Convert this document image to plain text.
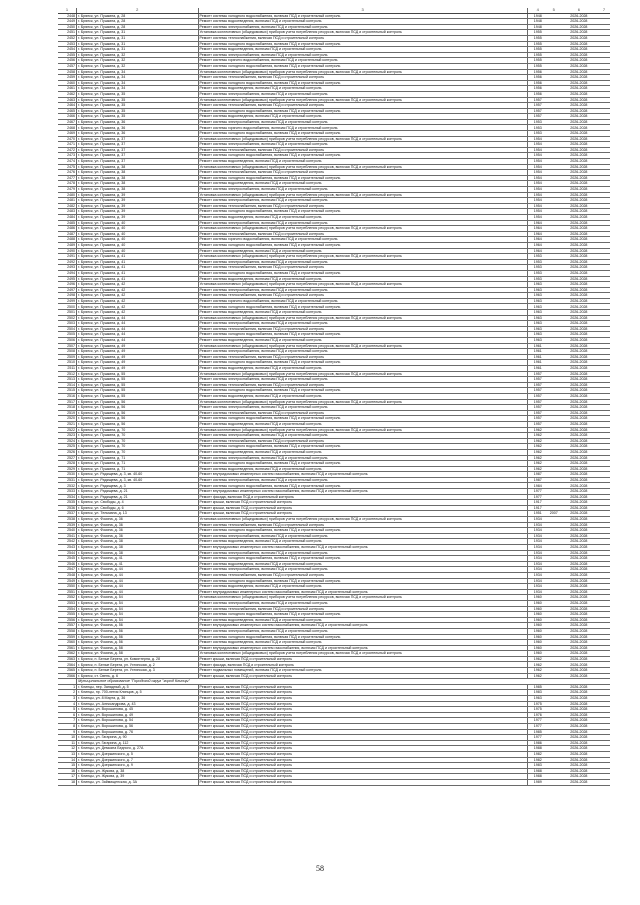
1	2	3	4	5	6	7
2448	г. Брянск, ул. Пушкина, д. 28	Ремонт системы холодного водоснабжения, включая ПСД и строительный контроль	1948		2026-2028	
2449	г. Брянск, ул. Пушкина, д. 28	Ремонт системы водоотведения, включая ПСД и строительный контроль	1948		2026-2028	
2450	г. Брянск, ул. Пушкина, д. 28	Ремонт системы электроснабжения, включая ПСД и строительный контроль	1948		2026-2028	
2451	г. Брянск, ул. Пушкина, д. 31	Установка коллективных (общедомовых) приборов учета потребления ресурсов, включая ПСД и строительный контроль	1955		2026-2028	
2452	г. Брянск, ул. Пушкина, д. 31	Ремонт системы теплоснабжения, включая ПСД и строительный контроль	1955		2026-2028	
2453	г. Брянск, ул. Пушкина, д. 31	Ремонт системы холодного водоснабжения, включая ПСД и строительный контроль	1955		2026-2028	
2454	г. Брянск, ул. Пушкина, д. 31	Ремонт системы водоотведения, включая ПСД и строительный контроль	1955		2026-2028	
2455	г. Брянск, ул. Пушкина, д. 32	Ремонт системы электроснабжения, включая ПСД и строительный контроль	1955		2026-2028	
2456	г. Брянск, ул. Пушкина, д. 32	Ремонт системы горячего водоснабжения, включая ПСД и строительный контроль	1955		2026-2028	
2457	г. Брянск, ул. Пушкина, д. 32	Ремонт системы холодного водоснабжения, включая ПСД и строительный контроль	1955		2026-2028	
2458	г. Брянск, ул. Пушкина, д. 34	Установка коллективных (общедомовых) приборов учета потребления ресурсов, включая ПСД и строительный контроль	1956		2026-2028	
2459	г. Брянск, ул. Пушкина, д. 34	Ремонт системы теплоснабжения, включая ПСД и строительный контроль	1956		2026-2028	
2460	г. Брянск, ул. Пушкина, д. 34	Ремонт системы холодного водоснабжения, включая ПСД и строительный контроль	1956		2026-2028	
2461	г. Брянск, ул. Пушкина, д. 34	Ремонт системы водоотведения, включая ПСД и строительный контроль	1956		2026-2028	
2462	г. Брянск, ул. Пушкина, д. 35	Ремонт системы электроснабжения, включая ПСД и строительный контроль	1956		2026-2028	
2463	г. Брянск, ул. Пушкина, д. 35	Установка коллективных (общедомовых) приборов учета потребления ресурсов, включая ПСД и строительный контроль	1957		2026-2028	
2464	г. Брянск, ул. Пушкина, д. 35	Ремонт системы теплоснабжения, включая ПСД и строительный контроль	1957		2026-2028	
2465	г. Брянск, ул. Пушкина, д. 35	Ремонт системы холодного водоснабжения, включая ПСД и строительный контроль	1957		2026-2028	
2466	г. Брянск, ул. Пушкина, д. 35	Ремонт системы водоотведения, включая ПСД и строительный контроль	1957		2026-2028	
2467	г. Брянск, ул. Пушкина, д. 36	Ремонт системы электроснабжения, включая ПСД и строительный контроль	1953		2026-2028	
2468	г. Брянск, ул. Пушкина, д. 36	Ремонт системы горячего водоснабжения, включая ПСД и строительный контроль	1953		2026-2028	
2469	г. Брянск, ул. Пушкина, д. 36	Ремонт системы холодного водоснабжения, включая ПСД и строительный контроль	1953		2026-2028	
2470	г. Брянск, ул. Пушкина, д. 37	Установка коллективных (общедомовых) приборов учета потребления ресурсов, включая ПСД и строительный контроль	1954		2026-2028	
2471	г. Брянск, ул. Пушкина, д. 37	Ремонт системы электроснабжения, включая ПСД и строительный контроль	1954		2026-2028	
2472	г. Брянск, ул. Пушкина, д. 37	Ремонт системы теплоснабжения, включая ПСД и строительный контроль	1954		2026-2028	
2473	г. Брянск, ул. Пушкина, д. 37	Ремонт системы холодного водоснабжения, включая ПСД и строительный контроль	1954		2026-2028	
2474	г. Брянск, ул. Пушкина, д. 37	Ремонт системы водоотведения, включая ПСД и строительный контроль	1954		2026-2028	
2475	г. Брянск, ул. Пушкина, д. 38	Установка коллективных (общедомовых) приборов учета потребления ресурсов, включая ПСД и строительный контроль	1954		2026-2028	
2476	г. Брянск, ул. Пушкина, д. 38	Ремонт системы теплоснабжения, включая ПСД и строительный контроль	1954		2026-2028	
2477	г. Брянск, ул. Пушкина, д. 38	Ремонт системы холодного водоснабжения, включая ПСД и строительный контроль	1954		2026-2028	
2478	г. Брянск, ул. Пушкина, д. 38	Ремонт системы водоотведения, включая ПСД и строительный контроль	1954		2026-2028	
2479	г. Брянск, ул. Пушкина, д. 38	Ремонт системы электроснабжения, включая ПСД и строительный контроль	1954		2026-2028	
2480	г. Брянск, ул. Пушкина, д. 39	Установка коллективных (общедомовых) приборов учета потребления ресурсов, включая ПСД и строительный контроль	1954		2026-2028	
2481	г. Брянск, ул. Пушкина, д. 39	Ремонт системы электроснабжения, включая ПСД и строительный контроль	1954		2026-2028	
2482	г. Брянск, ул. Пушкина, д. 39	Ремонт системы теплоснабжения, включая ПСД и строительный контроль	1954		2026-2028	
2483	г. Брянск, ул. Пушкина, д. 39	Ремонт системы холодного водоснабжения, включая ПСД и строительный контроль	1954		2026-2028	
2484	г. Брянск, ул. Пушкина, д. 39	Ремонт системы водоотведения, включая ПСД и строительный контроль	1954		2026-2028	
2485	г. Брянск, ул. Пушкина, д. 40	Ремонт системы электроснабжения, включая ПСД и строительный контроль	1964		2026-2028	
2486	г. Брянск, ул. Пушкина, д. 40	Установка коллективных (общедомовых) приборов учета потребления ресурсов, включая ПСД и строительный контроль	1964		2026-2028	
2487	г. Брянск, ул. Пушкина, д. 40	Ремонт системы теплоснабжения, включая ПСД и строительный контроль	1964		2026-2028	
2488	г. Брянск, ул. Пушкина, д. 40	Ремонт системы горячего водоснабжения, включая ПСД и строительный контроль	1964		2026-2028	
2489	г. Брянск, ул. Пушкина, д. 40	Ремонт системы холодного водоснабжения, включая ПСД и строительный контроль	1964		2026-2028	
2490	г. Брянск, ул. Пушкина, д. 40	Ремонт системы водоотведения, включая ПСД и строительный контроль	1964		2026-2028	
2491	г. Брянск, ул. Пушкина, д. 41	Установка коллективных (общедомовых) приборов учета потребления ресурсов, включая ПСД и строительный контроль	1953		2026-2028	
2492	г. Брянск, ул. Пушкина, д. 41	Ремонт системы электроснабжения, включая ПСД и строительный контроль	1953		2026-2028	
2493	г. Брянск, ул. Пушкина, д. 41	Ремонт системы теплоснабжения, включая ПСД и строительный контроль	1953		2026-2028	
2494	г. Брянск, ул. Пушкина, д. 41	Ремонт системы холодного водоснабжения, включая ПСД и строительный контроль	1953		2026-2028	
2495	г. Брянск, ул. Пушкина, д. 41	Ремонт системы водоотведения, включая ПСД и строительный контроль	1953		2026-2028	
2496	г. Брянск, ул. Пушкина, д. 42	Установка коллективных (общедомовых) приборов учета потребления ресурсов, включая ПСД и строительный контроль	1963		2026-2028	
2497	г. Брянск, ул. Пушкина, д. 42	Ремонт системы электроснабжения, включая ПСД и строительный контроль	1963		2026-2028	
2498	г. Брянск, ул. Пушкина, д. 42	Ремонт системы теплоснабжения, включая ПСД и строительный контроль	1963		2026-2028	
2499	г. Брянск, ул. Пушкина, д. 42	Ремонт системы горячего водоснабжения, включая ПСД и строительный контроль	1963		2026-2028	
2500	г. Брянск, ул. Пушкина, д. 42	Ремонт системы холодного водоснабжения, включая ПСД и строительный контроль	1963		2026-2028	
2501	г. Брянск, ул. Пушкина, д. 42	Ремонт системы водоотведения, включая ПСД и строительный контроль	1963		2026-2028	
2502	г. Брянск, ул. Пушкина, д. 44	Установка коллективных (общедомовых) приборов учета потребления ресурсов, включая ПСД и строительный контроль	1963		2026-2028	
2503	г. Брянск, ул. Пушкина, д. 44	Ремонт системы электроснабжения, включая ПСД и строительный контроль	1963		2026-2028	
2504	г. Брянск, ул. Пушкина, д. 44	Ремонт системы теплоснабжения, включая ПСД и строительный контроль	1963		2026-2028	
2505	г. Брянск, ул. Пушкина, д. 44	Ремонт системы холодного водоснабжения, включая ПСД и строительный контроль	1963		2026-2028	
2506	г. Брянск, ул. Пушкина, д. 44	Ремонт системы водоотведения, включая ПСД и строительный контроль	1963		2026-2028	
2507	г. Брянск, ул. Пушкина, д. 49	Установка коллективных (общедомовых) приборов учета потребления ресурсов, включая ПСД и строительный контроль	1961		2026-2028	
2508	г. Брянск, ул. Пушкина, д. 49	Ремонт системы электроснабжения, включая ПСД и строительный контроль	1961		2026-2028	
2509	г. Брянск, ул. Пушкина, д. 49	Ремонт системы теплоснабжения, включая ПСД и строительный контроль	1961		2026-2028	
2510	г. Брянск, ул. Пушкина, д. 49	Ремонт системы холодного водоснабжения, включая ПСД и строительный контроль	1961		2026-2028	
2511	г. Брянск, ул. Пушкина, д. 49	Ремонт системы водоотведения, включая ПСД и строительный контроль	1961		2026-2028	
2512	г. Брянск, ул. Пушкина, д. 55	Установка коллективных (общедомовых) приборов учета потребления ресурсов, включая ПСД и строительный контроль	1957		2026-2028	
2513	г. Брянск, ул. Пушкина, д. 55	Ремонт системы электроснабжения, включая ПСД и строительный контроль	1957		2026-2028	
2514	г. Брянск, ул. Пушкина, д. 55	Ремонт системы теплоснабжения, включая ПСД и строительный контроль	1957		2026-2028	
2515	г. Брянск, ул. Пушкина, д. 55	Ремонт системы холодного водоснабжения, включая ПСД и строительный контроль	1957		2026-2028	
2516	г. Брянск, ул. Пушкина, д. 55	Ремонт системы водоотведения, включая ПСД и строительный контроль	1957		2026-2028	
2517	г. Брянск, ул. Пушкина, д. 56	Установка коллективных (общедомовых) приборов учета потребления ресурсов, включая ПСД и строительный контроль	1957		2026-2028	
2518	г. Брянск, ул. Пушкина, д. 56	Ремонт системы электроснабжения, включая ПСД и строительный контроль	1957		2026-2028	
2519	г. Брянск, ул. Пушкина, д. 56	Ремонт системы теплоснабжения, включая ПСД и строительный контроль	1957		2026-2028	
2520	г. Брянск, ул. Пушкина, д. 56	Ремонт системы холодного водоснабжения, включая ПСД и строительный контроль	1957		2026-2028	
2521	г. Брянск, ул. Пушкина, д. 56	Ремонт системы водоотведения, включая ПСД и строительный контроль	1957		2026-2028	
2522	г. Брянск, ул. Пушкина, д. 70	Установка коллективных (общедомовых) приборов учета потребления ресурсов, включая ПСД и строительный контроль	1962		2026-2028	
2523	г. Брянск, ул. Пушкина, д. 70	Ремонт системы электроснабжения, включая ПСД и строительный контроль	1962		2026-2028	
2524	г. Брянск, ул. Пушкина, д. 70	Ремонт системы теплоснабжения, включая ПСД и строительный контроль	1962		2026-2028	
2525	г. Брянск, ул. Пушкина, д. 70	Ремонт системы холодного водоснабжения, включая ПСД и строительный контроль	1962		2026-2028	
2526	г. Брянск, ул. Пушкина, д. 70	Ремонт системы водоотведения, включая ПСД и строительный контроль	1962		2026-2028	
2527	г. Брянск, ул. Пушкина, д. 71	Ремонт системы электроснабжения, включая ПСД и строительный контроль	1962		2026-2028	
2528	г. Брянск, ул. Пушкина, д. 71	Ремонт системы холодного водоснабжения, включая ПСД и строительный контроль	1962		2026-2028	
2529	г. Брянск, ул. Пушкина, д. 71	Ремонт системы водоотведения, включая ПСД и строительный контроль	1962		2026-2028	
2530	г. Брянск, ул. Радищева, д. 3, кв. 40-60	Ремонт внутридомовых инженерных систем газоснабжения, включая ПСД и строительный контроль	1987		2026-2028	
2531	г. Брянск, ул. Радищева, д. 3, кв. 40-60	Ремонт системы электроснабжения, включая ПСД и строительный контроль	1987		2026-2028	
2532	г. Брянск, ул. Радищева, д. 3	Ремонт системы холодного водоснабжения, включая ПСД и строительный контроль	1984		2026-2028	
2533	г. Брянск, ул. Радищева, д. 21	Ремонт внутридомовых инженерных систем газоснабжения, включая ПСД и строительный контроль	1977		2026-2028	
2534	г. Брянск, ул. Радищева, д. 21	Ремонт фасада, включая ПСД и строительный контроль	1977		2026-2028	
2535	г. Брянск, ул. Свободы, д. 4	Ремонт крыши, включая ПСД и строительный контроль	1917		2026-2028	
2536	г. Брянск, ул. Свободы, д. 6	Ремонт крыши, включая ПСД и строительный контроль	1917		2026-2028	
2537	г. Брянск, ул. Тельмана, д. 13	Ремонт крыши, включая ПСД и строительный контроль	1951	2007	2026-2028	
2538	г. Брянск, ул. Фокина, д. 36	Установка коллективных (общедомовых) приборов учета потребления ресурсов, включая ПСД и строительный контроль	1934		2026-2028	
2539	г. Брянск, ул. Фокина, д. 36	Ремонт системы теплоснабжения, включая ПСД и строительный контроль	1934		2026-2028	
2540	г. Брянск, ул. Фокина, д. 36	Ремонт системы холодного водоснабжения, включая ПСД и строительный контроль	1934		2026-2028	
2541	г. Брянск, ул. Фокина, д. 36	Ремонт системы электроснабжения, включая ПСД и строительный контроль	1934		2026-2028	
2542	г. Брянск, ул. Фокина, д. 38	Ремонт системы водоотведения, включая ПСД и строительный контроль	1934		2026-2028	
2543	г. Брянск, ул. Фокина, д. 38	Ремонт внутридомовых инженерных систем газоснабжения, включая ПСД и строительный контроль	1934		2026-2028	
2544	г. Брянск, ул. Фокина, д. 38	Ремонт системы электроснабжения, включая ПСД и строительный контроль	1934		2026-2028	
2545	г. Брянск, ул. Фокина, д. 41	Ремонт системы холодного водоснабжения, включая ПСД и строительный контроль	1934		2026-2028	
2546	г. Брянск, ул. Фокина, д. 41	Ремонт системы водоотведения, включая ПСД и строительный контроль	1934		2026-2028	
2547	г. Брянск, ул. Фокина, д. 44	Ремонт системы электроснабжения, включая ПСД и строительный контроль	1934		2026-2028	
2548	г. Брянск, ул. Фокина, д. 44	Ремонт системы теплоснабжения, включая ПСД и строительный контроль	1934		2026-2028	
2549	г. Брянск, ул. Фокина, д. 44	Ремонт системы холодного водоснабжения, включая ПСД и строительный контроль	1934		2026-2028	
2550	г. Брянск, ул. Фокина, д. 44	Ремонт системы водоотведения, включая ПСД и строительный контроль	1934		2026-2028	
2551	г. Брянск, ул. Фокина, д. 44	Ремонт внутридомовых инженерных систем газоснабжения, включая ПСД и строительный контроль	1934		2026-2028	
2552	г. Брянск, ул. Фокина, д. 54	Установка коллективных (общедомовых) приборов учета потребления ресурсов, включая ПСД и строительный контроль	1960		2026-2028	
2553	г. Брянск, ул. Фокина, д. 54	Ремонт системы электроснабжения, включая ПСД и строительный контроль	1960		2026-2028	
2554	г. Брянск, ул. Фокина, д. 54	Ремонт системы теплоснабжения, включая ПСД и строительный контроль	1960		2026-2028	
2555	г. Брянск, ул. Фокина, д. 54	Ремонт системы холодного водоснабжения, включая ПСД и строительный контроль	1960		2026-2028	
2556	г. Брянск, ул. Фокина, д. 54	Ремонт системы водоотведения, включая ПСД и строительный контроль	1960		2026-2028	
2557	г. Брянск, ул. Фокина, д. 56	Ремонт внутридомовых инженерных систем газоснабжения, включая ПСД и строительный контроль	1960		2026-2028	
2558	г. Брянск, ул. Фокина, д. 56	Ремонт системы электроснабжения, включая ПСД и строительный контроль	1960		2026-2028	
2559	г. Брянск, ул. Фокина, д. 56	Ремонт системы холодного водоснабжения, включая ПСД и строительный контроль	1960		2026-2028	
2560	г. Брянск, ул. Фокина, д. 56	Ремонт системы водоотведения, включая ПСД и строительный контроль	1960		2026-2028	
2561	г. Брянск, ул. Фокина, д. 58	Ремонт внутридомовых инженерных систем газоснабжения, включая ПСД и строительный контроль	1960		2026-2028	
2562	г. Брянск, ул. Фокина, д. 58	Установка коллективных (общедомовых) приборов учета потребления ресурсов, включая ПСД и строительный контроль	1960		2026-2028	
2563	г. Брянск, п. Белые Берега, ул. Коминтерна, д. 28	Ремонт крыши, включая ПСД и строительный контроль	1962		2026-2028	
2564	г. Брянск, п. Белые Берега, ул. Ухтинская, д. 2	Ремонт фасада, включая ПСД и строительный контроль	1962		2026-2028	
2565	г. Брянск, п. Белые Берега, ул. Ухтинская, д. 3	Ремонт подвальных помещений, включая ПСД и строительный контроль	1962		2026-2028	
2566	г. Брянск, ст. Свень, д. 6	Ремонт крыши, включая ПСД и строительный контроль	1962		2026-2028	
	Муниципальное образование "Городской округ "город Клинцы"					
1	г. Клинцы, пер. Западный, д. 5	Ремонт крыши, включая ПСД и строительный контроль	1985		2026-2028	
2	г. Клинцы, пр. 700-летия Клинцов, д. 5	Ремонт крыши, включая ПСД и строительный контроль	1983		2026-2028	
3	г. Клинцы, ул. 8 Марта, д. 36	Ремонт крыши, включая ПСД и строительный контроль	1963		2026-2028	
4	г. Клинцы, ул. Александрова, д. 43	Ремонт крыши, включая ПСД и строительный контроль	1975		2026-2028	
5	г. Клинцы, ул. Ворошилова, д. 45	Ремонт крыши, включая ПСД и строительный контроль	1975		2026-2028	
6	г. Клинцы, ул. Ворошилова, д. 49	Ремонт крыши, включая ПСД и строительный контроль	1976		2026-2028	
7	г. Клинцы, ул. Ворошилова, д. 54	Ремонт крыши, включая ПСД и строительный контроль	1977		2026-2028	
8	г. Клинцы, ул. Ворошилова, д. 56	Ремонт крыши, включая ПСД и строительный контроль	1977		2026-2028	
9	г. Клинцы, ул. Ворошилова, д. 76	Ремонт крыши, включая ПСД и строительный контроль	1985		2026-2028	
10	г. Клинцы, ул. Гагарина, д. 90	Ремонт крыши, включая ПСД и строительный контроль	1977		2026-2028	
11	г. Клинцы, ул. Гагарина, д. 112	Ремонт крыши, включая ПСД и строительный контроль	1986		2026-2028	
12	г. Клинцы, ул. Демьяна Бедного, д. 27А	Ремонт крыши, включая ПСД и строительный контроль	1988		2026-2028	
13	г. Клинцы, ул. Дзержинского, д. 5	Ремонт крыши, включая ПСД и строительный контроль	1982		2026-2028	
14	г. Клинцы, ул. Дзержинского, д. 7	Ремонт крыши, включая ПСД и строительный контроль	1982		2026-2028	
15	г. Клинцы, ул. Дзержинского, д. 9	Ремонт крыши, включая ПСД и строительный контроль	1983		2026-2028	
16	г. Клинцы, ул. Жукова, д. 38	Ремонт крыши, включая ПСД и строительный контроль	1988		2026-2028	
17	г. Клинцы, ул. Жукова, д. 39	Ремонт крыши, включая ПСД и строительный контроль	1988		2026-2028	
18	г. Клинцы, ул. Займищенская, д. 3А	Ремонт крыши, включая ПСД и строительный контроль	1989		2026-2028	
58
